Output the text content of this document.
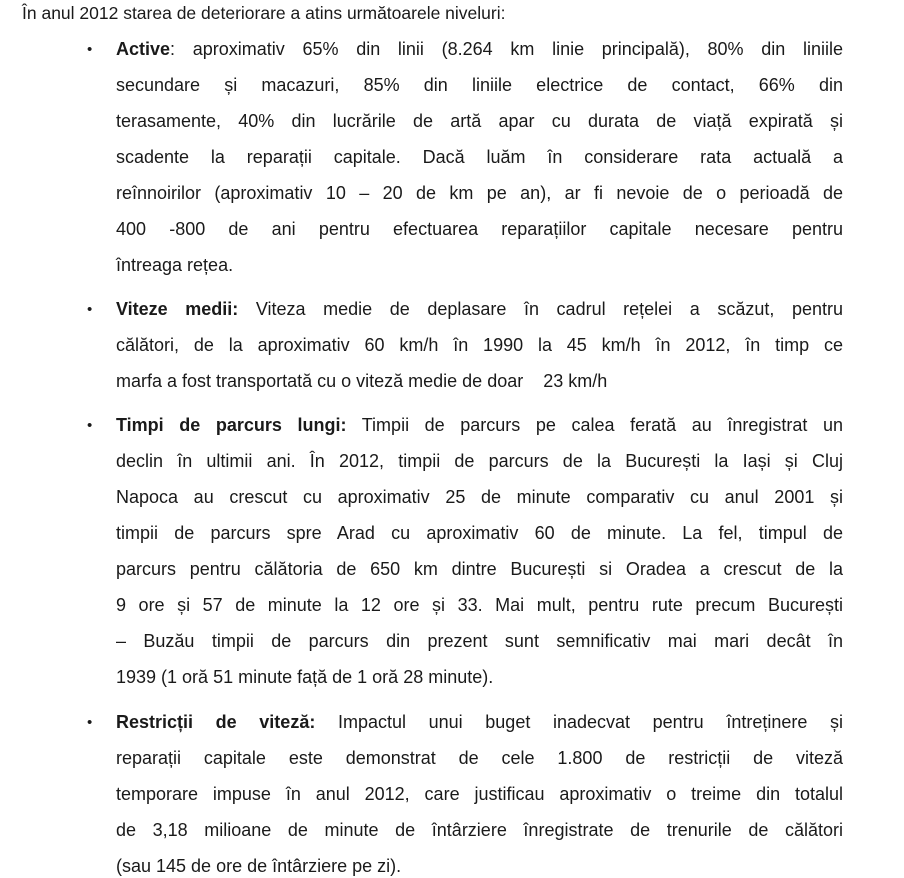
În anul 2012 starea de deteriorare a atins următoarele niveluri:
• Active: aproximativ 65% din linii (8.264 km linie principală), 80% din liniile
secundare și macazuri, 85% din liniile electrice de contact, 66% din
terasamente, 40% din lucrările de artă apar cu durata de viață expirată și
scadente la reparații capitale. Dacă luăm în considerare rata actuală a
reînnoirilor (aproximativ 10 – 20 de km pe an), ar fi nevoie de o perioadă de
400 -800 de ani pentru efectuarea reparațiilor capitale necesare pentru
întreaga rețea.
• Viteze medii: Viteza medie de deplasare în cadrul rețelei a scăzut, pentru
călători, de la aproximativ 60 km/h în 1990 la 45 km/h în 2012, în timp ce
marfa a fost transportată cu o viteză medie de doar    23 km/h
• Timpi de parcurs lungi: Timpii de parcurs pe calea ferată au înregistrat un
declin în ultimii ani. În 2012, timpii de parcurs de la București la Iași și Cluj
Napoca au crescut cu aproximativ 25 de minute comparativ cu anul 2001 și
timpii de parcurs spre Arad cu aproximativ 60 de minute. La fel, timpul de
parcurs pentru călătoria de 650 km dintre București si Oradea a crescut de la
9 ore și 57 de minute la 12 ore și 33. Mai mult, pentru rute precum București
– Buzău timpii de parcurs din prezent sunt semnificativ mai mari decât în
1939 (1 oră 51 minute față de 1 oră 28 minute).
• Restricții de viteză: Impactul unui buget inadecvat pentru întreținere și
reparații capitale este demonstrat de cele 1.800 de restricții de viteză
temporare impuse în anul 2012, care justificau aproximativ o treime din totalul
de 3,18 milioane de minute de întârziere înregistrate de trenurile de călători
(sau 145 de ore de întârziere pe zi).
